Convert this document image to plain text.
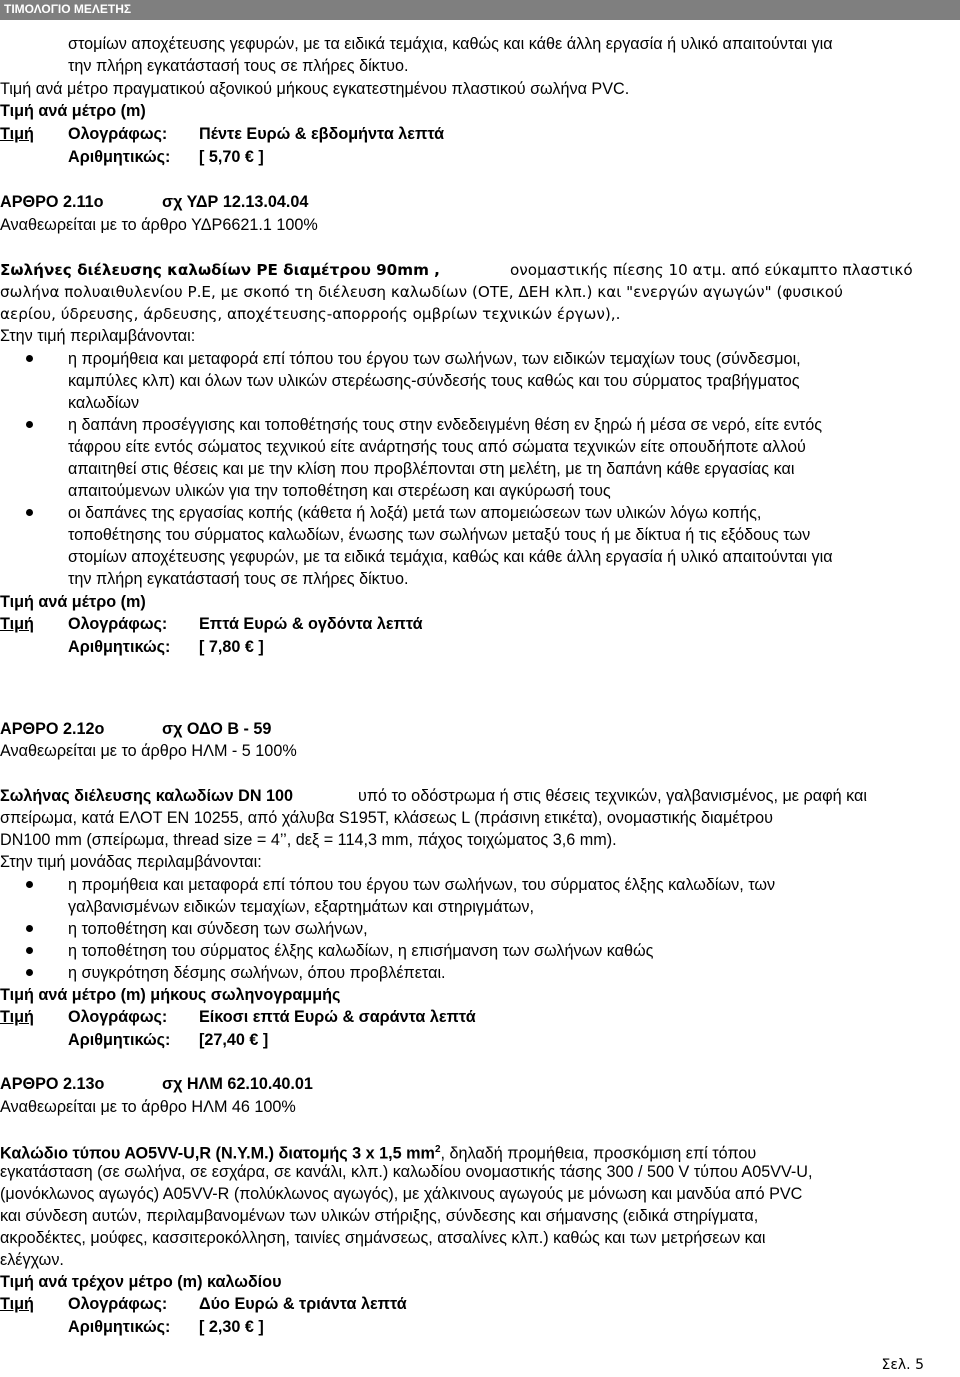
ΤΙΜΟΛΟΓΙΟ ΜΕΛΕΤΗΣ
στομίων αποχέτευσης γεφυρών, με τα ειδικά τεμάχια, καθώς και κάθε άλλη εργασία ή υλικό απαιτούνται για
την πλήρη εγκατάστασή τους σε πλήρες δίκτυο.
Τιμή ανά μέτρο πραγματικού αξονικού μήκους εγκατεστημένου πλαστικού σωλήνα PVC.
Τιμή ανά μέτρο (m)
Τιμή Ολογράφως: Πέντε Ευρώ & εβδομήντα λεπτά
Αριθμητικώς: [ 5,70 € ]
ΑΡΘΡΟ 2.11ο	σχ ΥΔΡ 12.13.04.04
Αναθεωρείται με το άρθρο ΥΔΡ6621.1 100%
Σωλήνες διέλευσης καλωδίων ΡΕ διαμέτρου 90mm ,	ονομαστικής πίεσης 10 ατμ. από εύκαμπτο πλαστικό
σωλήνα πολυαιθυλενίου Ρ.Ε, με σκοπό τη διέλευση καλωδίων (ΟΤΕ, ΔΕΗ κλπ.) και "ενεργών αγωγών" (φυσικού
αερίου, ύδρευσης, άρδευσης, αποχέτευσης-απορροής ομβρίων τεχνικών έργων),.
Στην τιμή περιλαμβάνονται:
η προμήθεια και μεταφορά επί τόπου του έργου των σωλήνων, των ειδικών τεμαχίων τους (σύνδεσμοι,
καμπύλες κλπ) και όλων των υλικών στερέωσης-σύνδεσής τους καθώς και του σύρματος τραβήγματος
καλωδίων
η δαπάνη προσέγγισης και τοποθέτησής τους στην ενδεδειγμένη θέση εν ξηρώ ή μέσα σε νερό, είτε εντός
τάφρου είτε εντός σώματος τεχνικού είτε ανάρτησής τους από σώματα τεχνικών είτε οπουδήποτε αλλού
απαιτηθεί στις θέσεις και με την κλίση που προβλέπονται στη μελέτη, με τη δαπάνη κάθε εργασίας και
απαιτούμενων υλικών για την τοποθέτηση και στερέωση και αγκύρωσή τους
οι δαπάνες της εργασίας κοπής (κάθετα ή λοξά) μετά των απομειώσεων των υλικών λόγω κοπής,
τοποθέτησης του σύρματος καλωδίων, ένωσης των σωλήνων μεταξύ τους ή με δίκτυα ή τις εξόδους των
στομίων αποχέτευσης γεφυρών, με τα ειδικά τεμάχια, καθώς και κάθε άλλη εργασία ή υλικό απαιτούνται για
την πλήρη εγκατάστασή τους σε πλήρες δίκτυο.
Τιμή ανά μέτρο (m)
Τιμή Ολογράφως: Επτά Ευρώ & ογδόντα λεπτά
Αριθμητικώς: [ 7,80 € ]
ΑΡΘΡΟ 2.12ο	σχ ΟΔΟ Β - 59
Αναθεωρείται με το άρθρο ΗΛΜ - 5 100%
Σωλήνας διέλευσης καλωδίων DN 100	υπό το οδόστρωμα ή στις θέσεις τεχνικών, γαλβανισμένος, με ραφή και
σπείρωμα, κατά ΕΛΟΤ ΕΝ 10255, από χάλυβα S195T, κλάσεως L (πράσινη ετικέτα), ονομαστικής διαμέτρου
DN100 mm (σπείρωμα, thread size = 4’’, dεξ = 114,3 mm, πάχος τοιχώματος 3,6 mm).
Στην τιμή μονάδας περιλαμβάνονται:
η προμήθεια και μεταφορά επί τόπου του έργου των σωλήνων, του σύρματος έλξης καλωδίων, των
γαλβανισμένων ειδικών τεμαχίων, εξαρτημάτων και στηριγμάτων,
η τοποθέτηση και σύνδεση των σωλήνων,
η τοποθέτηση του σύρματος έλξης καλωδίων, η επισήμανση των σωλήνων καθώς
η συγκρότηση δέσμης σωλήνων, όπου προβλέπεται.
Τιμή ανά μέτρο (m) μήκους σωληνογραμμής
Τιμή Ολογράφως: Είκοσι επτά Ευρώ & σαράντα λεπτά
Αριθμητικώς: [27,40 € ]
ΑΡΘΡΟ 2.13ο	σχ ΗΛΜ 62.10.40.01
Αναθεωρείται με το άρθρο ΗΛΜ 46 100%
Καλώδιο τύπου ΑΟ5VV-U,R (Ν.Υ.Μ.) διατομής 3 x 1,5 $mm^2$, δηλαδή προμήθεια, προσκόμιση επί τόπου
εγκατάσταση (σε σωλήνα, σε εσχάρα, σε κανάλι, κλπ.) καλωδίου ονομαστικής τάσης 300 / 500 V τύπου Α05VV-U,
(μονόκλωνος αγωγός) Α05VV-R (πολύκλωνος αγωγός), με χάλκινους αγωγούς με μόνωση και μανδύα από PVC
και σύνδεση αυτών, περιλαμβανομένων των υλικών στήριξης, σύνδεσης και σήμανσης (ειδικά στηρίγματα,
ακροδέκτες, μούφες, κασσιτεροκόλληση, ταινίες σημάνσεως, ατσαλίνες κλπ.) καθώς και των μετρήσεων και
ελέγχων.
Τιμή ανά τρέχον μέτρο (m) καλωδίου
Τιμή Ολογράφως: Δύο Ευρώ & τριάντα λεπτά
Αριθμητικώς: [ 2,30 € ]
Σελ. 5
